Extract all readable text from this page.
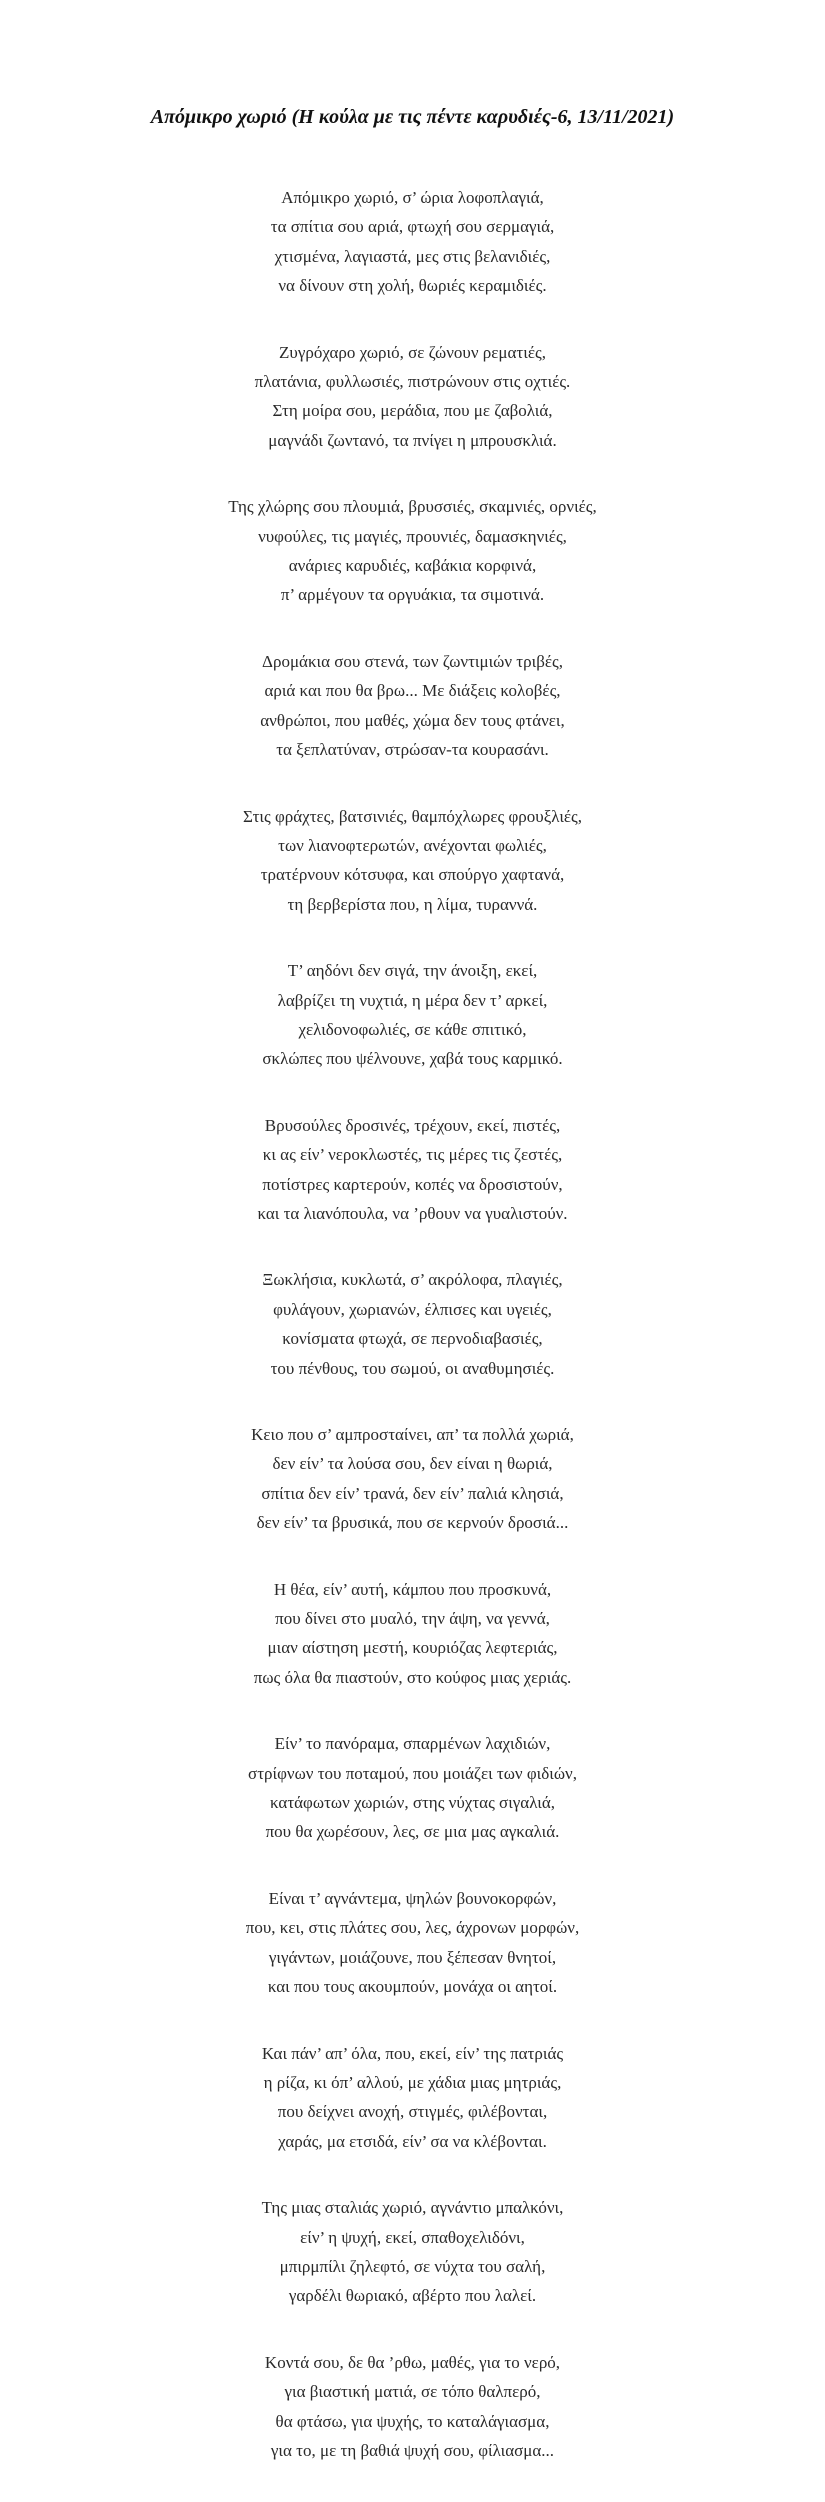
Απόμικρο χωριό (Η κούλα με τις πέντε καρυδιές-6, 13/11/2021)

Απόμικρο χωριό, σ’ ώρια λοφοπλαγιά,
τα σπίτια σου αριά, φτωχή σου σερμαγιά,
χτισμένα, λαγιαστά, μες στις βελανιδιές,
να δίνουν στη χολή, θωριές κεραμιδιές.

Ζυγρόχαρο χωριό, σε ζώνουν ρεματιές,
πλατάνια, φυλλωσιές, πιστρώνουν στις οχτιές.
Στη μοίρα σου, μεράδια, που με ζαβολιά,
μαγνάδι ζωντανό, τα πνίγει η μπρουσκλιά.

Της χλώρης σου πλουμιά, βρυσσιές, σκαμνιές, ορνιές,
νυφούλες, τις μαγιές, προυνιές, δαμασκηνιές,
ανάριες καρυδιές, καβάκια κορφινά,
π’ αρμέγουν τα οργυάκια, τα σιμοτινά.

Δρομάκια σου στενά, των ζωντιμιών τριβές,
αριά και που θα βρω... Με διάξεις κολοβές,
ανθρώποι, που μαθές, χώμα δεν τους φτάνει,
τα ξεπλατύναν, στρώσαν-τα κουρασάνι.

Στις φράχτες, βατσινιές, θαμπόχλωρες φρουξλιές,
των λιανοφτερωτών, ανέχονται φωλιές,
τρατέρνουν κότσυφα, και σπούργο χαφτανά,
τη βερβερίστα που, η λίμα, τυραννά.

Τ’ αηδόνι δεν σιγά, την άνοιξη, εκεί,
λαβρίζει τη νυχτιά, η μέρα δεν τ’ αρκεί,
χελιδονοφωλιές, σε κάθε σπιτικό,
σκλώπες που ψέλνουνε, χαβά τους καρμικό.

Βρυσούλες δροσινές, τρέχουν, εκεί, πιστές,
κι ας είν’ νεροκλωστές, τις μέρες τις ζεστές,
ποτίστρες καρτερούν, κοπές να δροσιστούν,
και τα λιανόπουλα, να ’ρθουν να γυαλιστούν.

Ξωκλήσια, κυκλωτά, σ’ ακρόλοφα, πλαγιές,
φυλάγουν, χωριανών, έλπισες και υγειές,
κονίσματα φτωχά, σε περνοδιαβασιές,
του πένθους, του σωμού, οι αναθυμησιές.

Κειο που σ’ αμπροσταίνει, απ’ τα πολλά χωριά,
δεν είν’ τα λούσα σου, δεν είναι η θωριά,
σπίτια δεν είν’ τρανά, δεν είν’ παλιά κλησιά,
δεν είν’ τα βρυσικά, που σε κερνούν δροσιά...

Η θέα, είν’ αυτή, κάμπου που προσκυνά,
που δίνει στο μυαλό, την άψη, να γεννά,
μιαν αίστηση μεστή, κουριόζας λεφτεριάς,
πως όλα θα πιαστούν, στο κούφος μιας χεριάς.

Είν’ το πανόραμα, σπαρμένων λαχιδιών,
στρίφνων του ποταμού, που μοιάζει των φιδιών,
κατάφωτων χωριών, στης νύχτας σιγαλιά,
που θα χωρέσουν, λες, σε μια μας αγκαλιά.

Είναι τ’ αγνάντεμα, ψηλών βουνοκορφών,
που, κει, στις πλάτες σου, λες, άχρονων μορφών,
γιγάντων, μοιάζουνε, που ξέπεσαν θνητοί,
και που τους ακουμπούν, μονάχα οι αητοί.

Και πάν’ απ’ όλα, που, εκεί, είν’ της πατριάς
η ρίζα, κι όπ’ αλλού, με χάδια μιας μητριάς,
που δείχνει ανοχή, στιγμές, φιλέβονται,
χαράς, μα ετσιδά, είν’ σα να κλέβονται.

Της μιας σταλιάς χωριό, αγνάντιο μπαλκόνι,
είν’ η ψυχή, εκεί, σπαθοχελιδόνι,
μπιρμπίλι ζηλεφτό, σε νύχτα του σαλή,
γαρδέλι θωριακό, αβέρτο που λαλεί.

Κοντά σου, δε θα ’ρθω, μαθές, για το νερό,
για βιαστική ματιά, σε τόπο θαλπερό,
θα φτάσω, για ψυχής, το καταλάγιασμα,
για το, με τη βαθιά ψυχή σου, φίλιασμα...
